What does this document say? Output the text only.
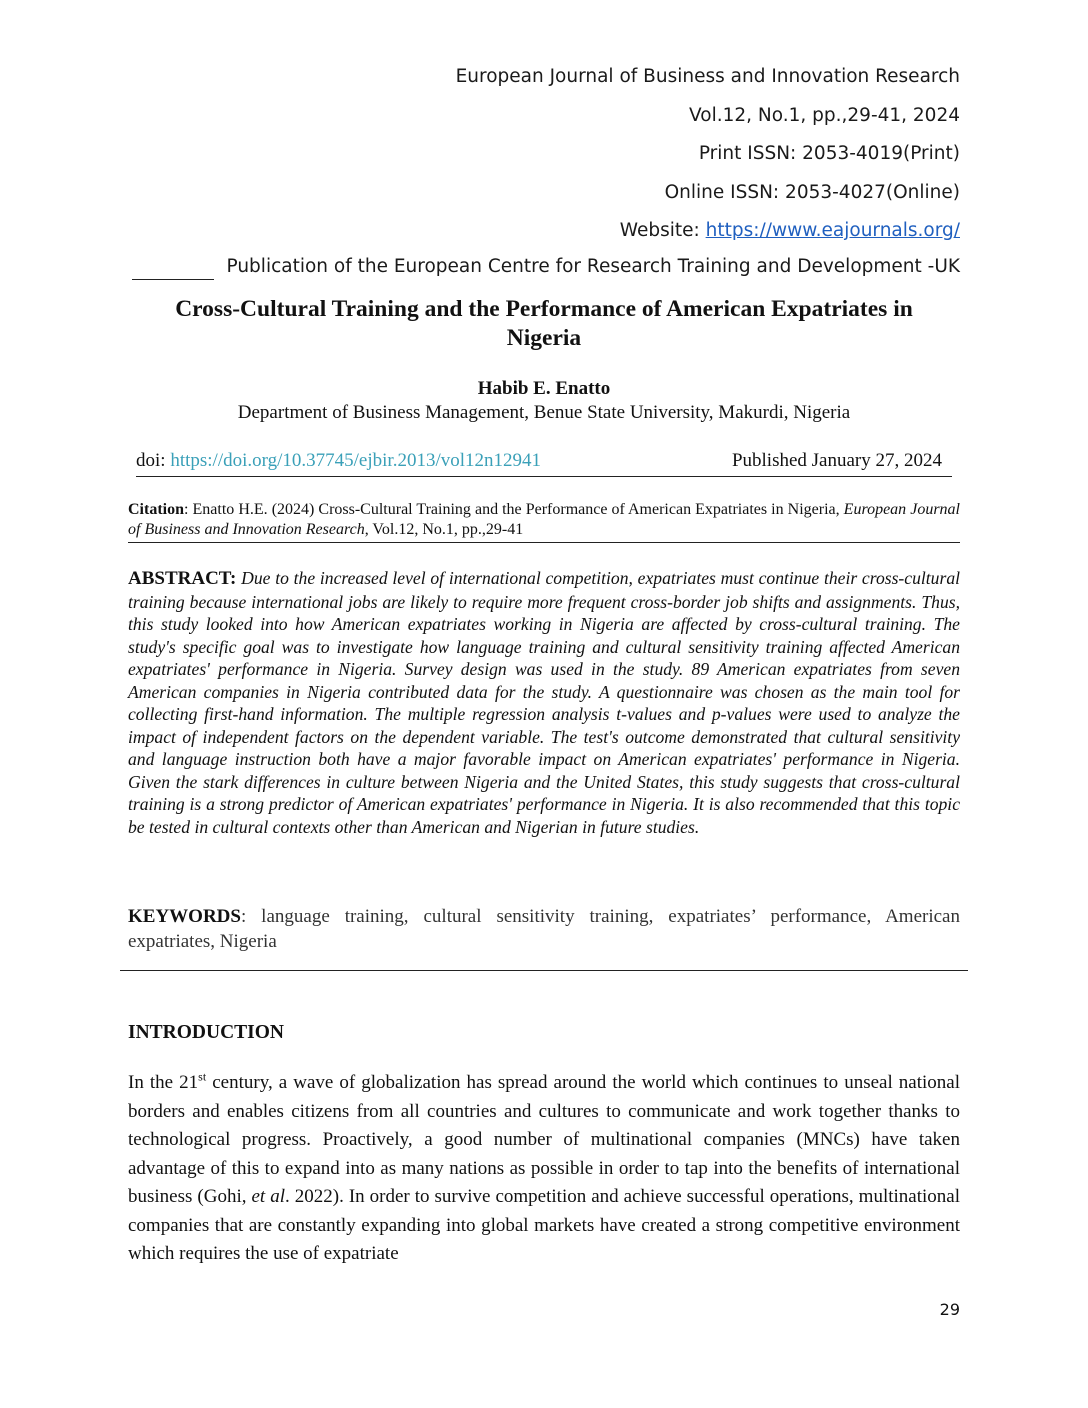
European Journal of Business and Innovation Research
Vol.12, No.1, pp.,29-41, 2024
Print ISSN: 2053-4019(Print)
Online ISSN: 2053-4027(Online)
Website: https://www.eajournals.org/
Publication of the European Centre for Research Training and Development -UK
Cross-Cultural Training and the Performance of American Expatriates in Nigeria
Habib E. Enatto
Department of Business Management, Benue State University, Makurdi, Nigeria
doi: https://doi.org/10.37745/ejbir.2013/vol12n12941	Published January 27, 2024
Citation: Enatto H.E. (2024) Cross-Cultural Training and the Performance of American Expatriates in Nigeria, European Journal of Business and Innovation Research, Vol.12, No.1, pp.,29-41
ABSTRACT: Due to the increased level of international competition, expatriates must continue their cross-cultural training because international jobs are likely to require more frequent cross-border job shifts and assignments. Thus, this study looked into how American expatriates working in Nigeria are affected by cross-cultural training. The study's specific goal was to investigate how language training and cultural sensitivity training affected American expatriates' performance in Nigeria. Survey design was used in the study. 89 American expatriates from seven American companies in Nigeria contributed data for the study. A questionnaire was chosen as the main tool for collecting first-hand information. The multiple regression analysis t-values and p-values were used to analyze the impact of independent factors on the dependent variable. The test's outcome demonstrated that cultural sensitivity and language instruction both have a major favorable impact on American expatriates' performance in Nigeria. Given the stark differences in culture between Nigeria and the United States, this study suggests that cross-cultural training is a strong predictor of American expatriates' performance in Nigeria. It is also recommended that this topic be tested in cultural contexts other than American and Nigerian in future studies.
KEYWORDS: language training, cultural sensitivity training, expatriates’ performance, American expatriates, Nigeria
INTRODUCTION
In the 21st century, a wave of globalization has spread around the world which continues to unseal national borders and enables citizens from all countries and cultures to communicate and work together thanks to technological progress. Proactively, a good number of multinational companies (MNCs) have taken advantage of this to expand into as many nations as possible in order to tap into the benefits of international business (Gohi, et al. 2022). In order to survive competition and achieve successful operations, multinational companies that are constantly expanding into global markets have created a strong competitive environment which requires the use of expatriate
29
